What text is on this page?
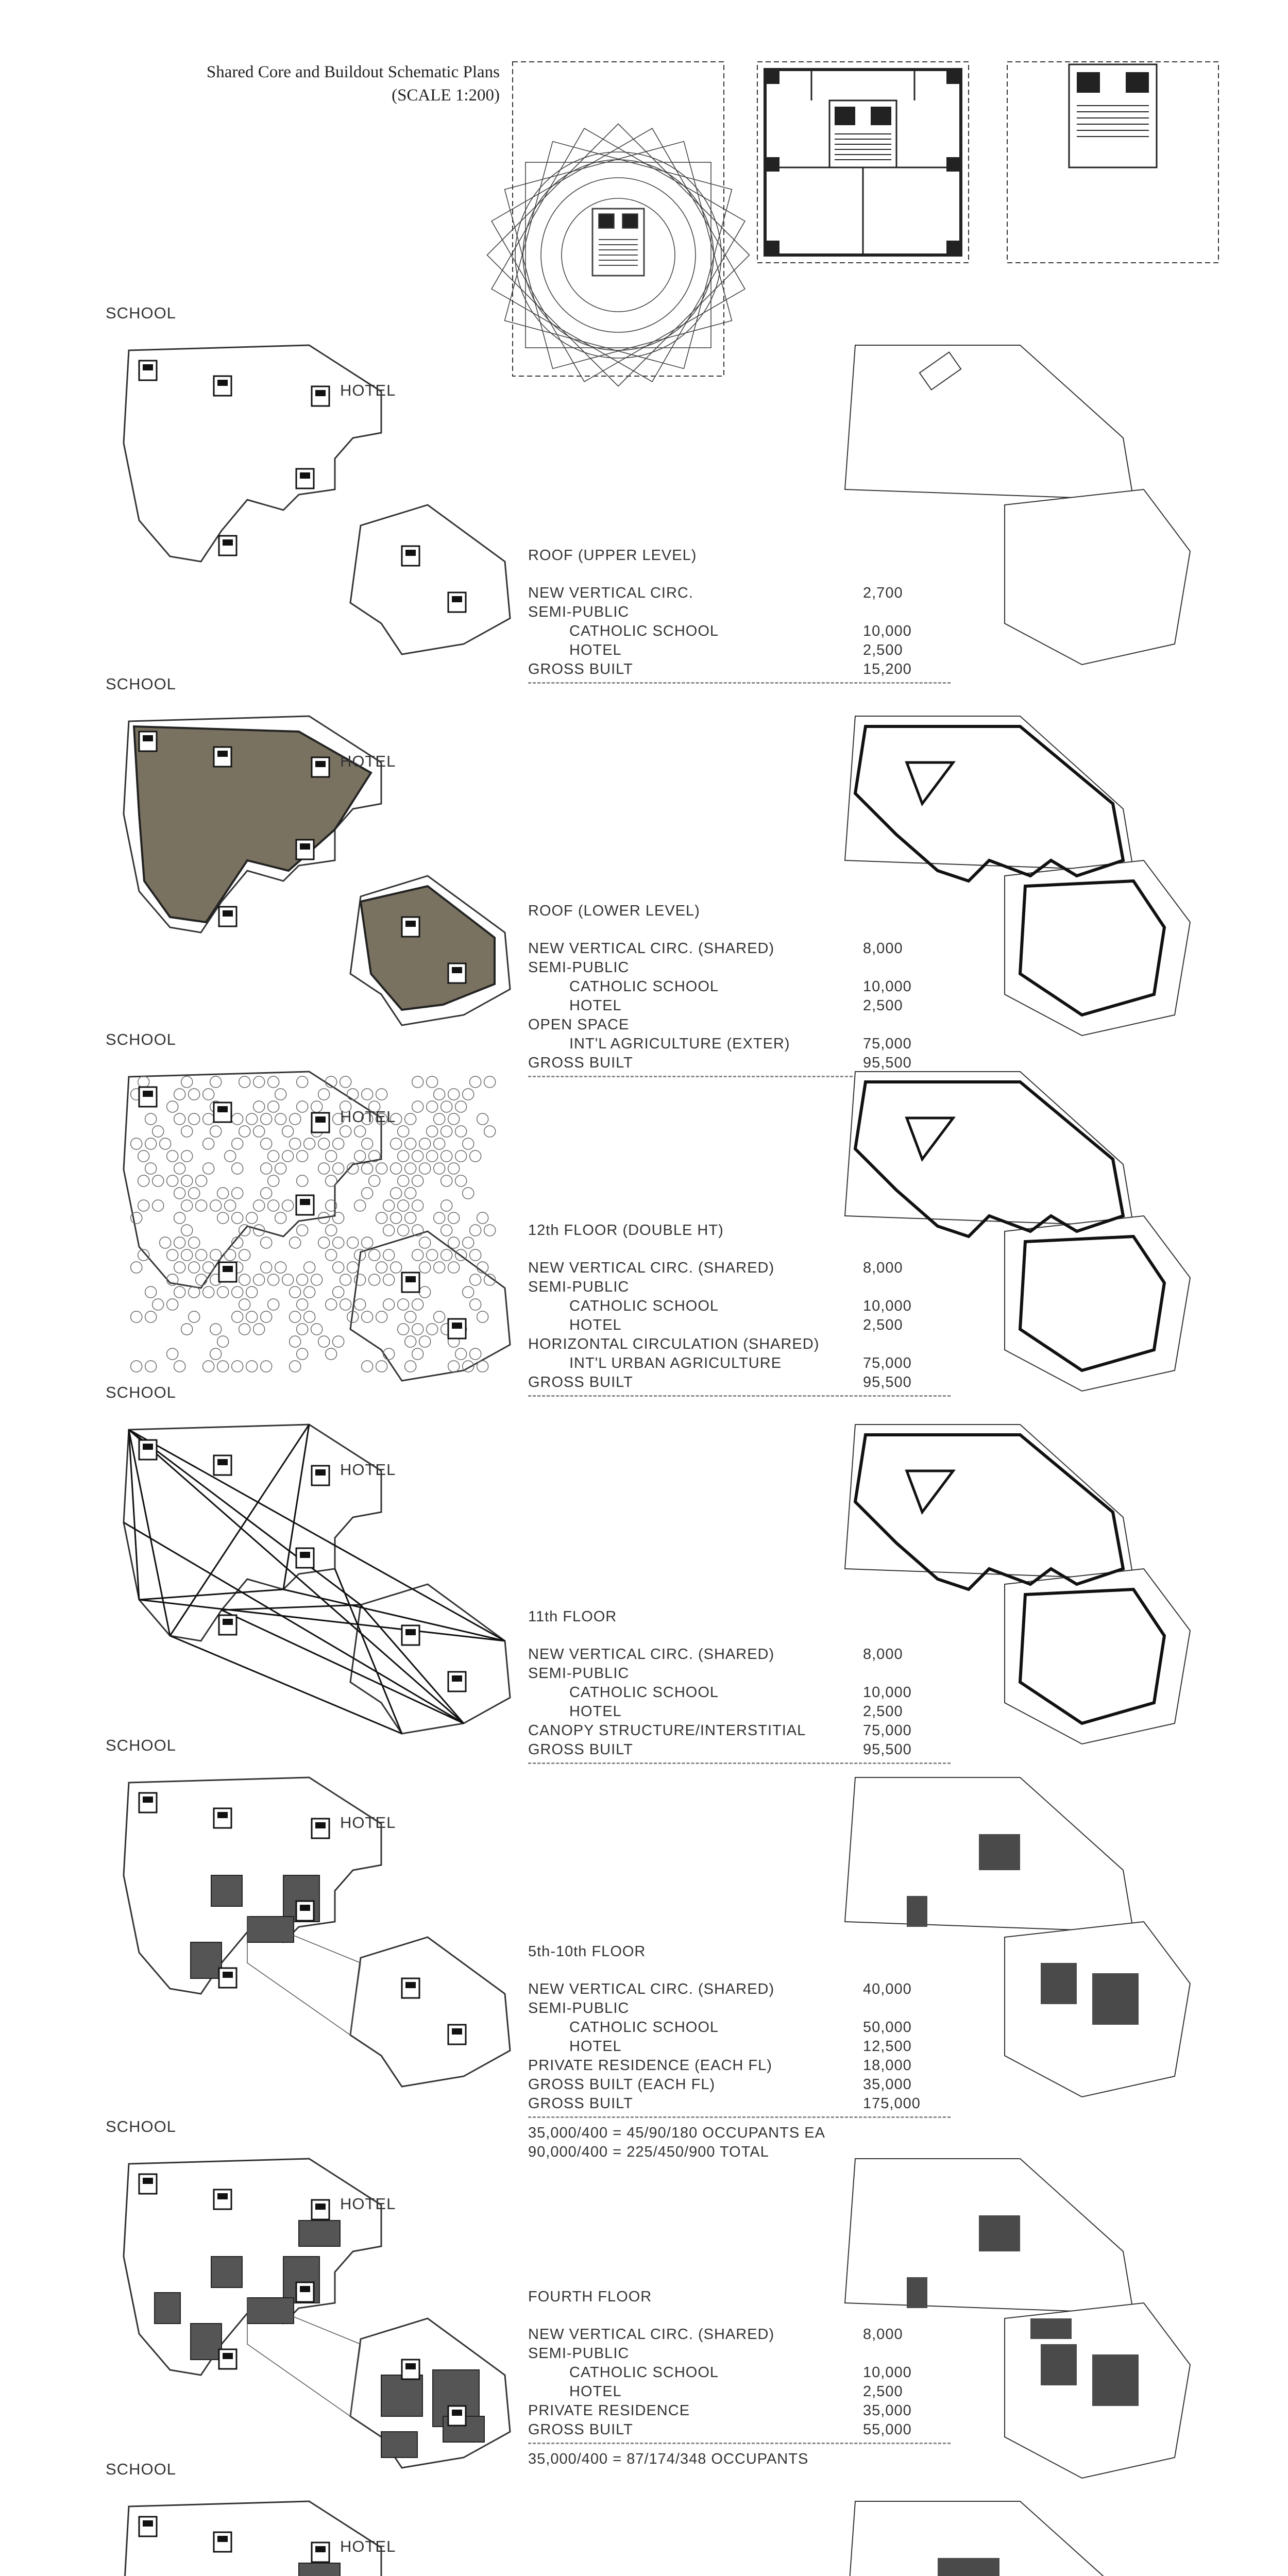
Shared Core and Buildout Schematic Plans
(SCALE 1:200)
SCHOOL
HOTEL
ROOF (UPPER LEVEL)
NEW VERTICAL CIRC.	2,700
SEMI-PUBLIC
CATHOLIC SCHOOL	10,000
HOTEL	2,500
GROSS BUILT	15,200
SCHOOL
HOTEL
ROOF (LOWER LEVEL)
NEW VERTICAL CIRC. (SHARED)	8,000
SEMI-PUBLIC
CATHOLIC SCHOOL	10,000
HOTEL	2,500
OPEN SPACE
INT'L AGRICULTURE (EXTER)	75,000
GROSS BUILT	95,500
SCHOOL
HOTEL
12th FLOOR (DOUBLE HT)
NEW VERTICAL CIRC. (SHARED)	8,000
SEMI-PUBLIC
CATHOLIC SCHOOL	10,000
HOTEL	2,500
HORIZONTAL CIRCULATION (SHARED)
INT'L URBAN AGRICULTURE	75,000
GROSS BUILT	95,500
SCHOOL
HOTEL
11th FLOOR
NEW VERTICAL CIRC. (SHARED)	8,000
SEMI-PUBLIC
CATHOLIC SCHOOL	10,000
HOTEL	2,500
CANOPY STRUCTURE/INTERSTITIAL	75,000
GROSS BUILT	95,500
SCHOOL
HOTEL
5th-10th FLOOR
NEW VERTICAL CIRC. (SHARED)	40,000
SEMI-PUBLIC
CATHOLIC SCHOOL	50,000
HOTEL	12,500
PRIVATE RESIDENCE (EACH FL)	18,000
GROSS BUILT (EACH FL)	35,000
GROSS BUILT	175,000
35,000/400 = 45/90/180 OCCUPANTS EA
90,000/400 = 225/450/900 TOTAL
SCHOOL
HOTEL
FOURTH FLOOR
NEW VERTICAL CIRC. (SHARED)	8,000
SEMI-PUBLIC
CATHOLIC SCHOOL	10,000
HOTEL	2,500
PRIVATE RESIDENCE	35,000
GROSS BUILT	55,000
35,000/400 = 87/174/348 OCCUPANTS
SCHOOL
HOTEL
